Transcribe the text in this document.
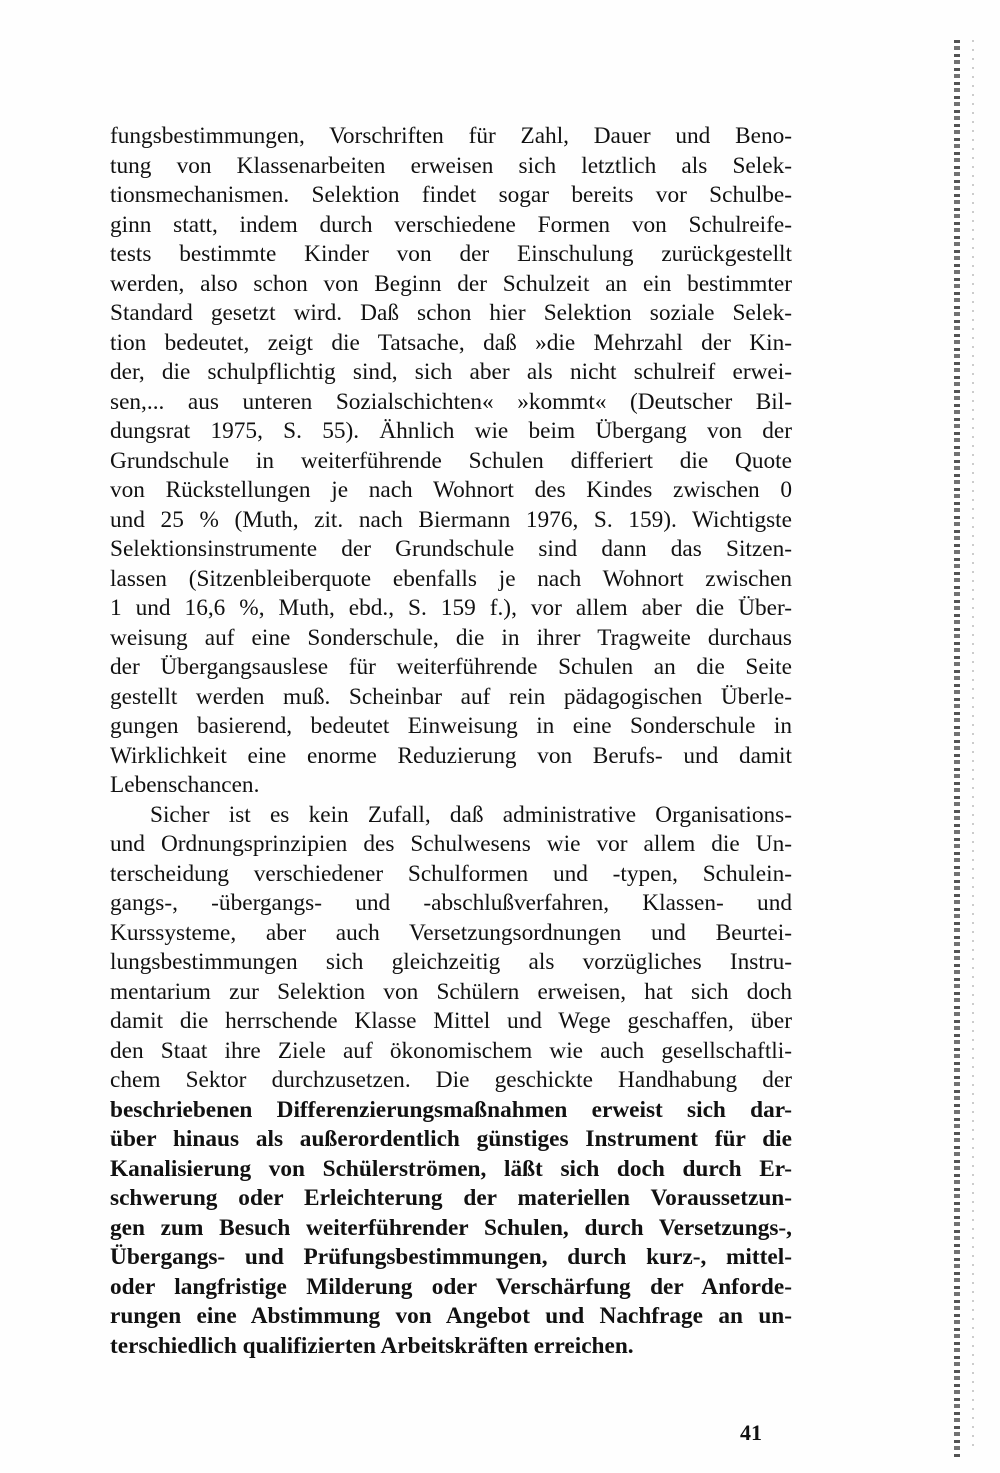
fungsbestimmungen, Vorschriften für Zahl, Dauer und Beno-
tung von Klassenarbeiten erweisen sich letztlich als Selek-
tionsmechanismen. Selektion findet sogar bereits vor Schulbe-
ginn statt, indem durch verschiedene Formen von Schulreife-
tests bestimmte Kinder von der Einschulung zurückgestellt
werden, also schon von Beginn der Schulzeit an ein bestimmter
Standard gesetzt wird. Daß schon hier Selektion soziale Selek-
tion bedeutet, zeigt die Tatsache, daß »die Mehrzahl der Kin-
der, die schulpflichtig sind, sich aber als nicht schulreif erwei-
sen,... aus unteren Sozialschichten« »kommt« (Deutscher Bil-
dungsrat 1975, S. 55). Ähnlich wie beim Übergang von der
Grundschule in weiterführende Schulen differiert die Quote
von Rückstellungen je nach Wohnort des Kindes zwischen 0
und 25 % (Muth, zit. nach Biermann 1976, S. 159). Wichtigste
Selektionsinstrumente der Grundschule sind dann das Sitzen-
lassen (Sitzenbleiberquote ebenfalls je nach Wohnort zwischen
1 und 16,6 %, Muth, ebd., S. 159 f.), vor allem aber die Über-
weisung auf eine Sonderschule, die in ihrer Tragweite durchaus
der Übergangsauslese für weiterführende Schulen an die Seite
gestellt werden muß. Scheinbar auf rein pädagogischen Überle-
gungen basierend, bedeutet Einweisung in eine Sonderschule in
Wirklichkeit eine enorme Reduzierung von Berufs- und damit
Lebenschancen.

Sicher ist es kein Zufall, daß administrative Organisations-
und Ordnungsprinzipien des Schulwesens wie vor allem die Un-
terscheidung verschiedener Schulformen und -typen, Schulein-
gangs-, -übergangs- und -abschlußverfahren, Klassen- und
Kurssysteme, aber auch Versetzungsordnungen und Beurtei-
lungsbestimmungen sich gleichzeitig als vorzügliches Instru-
mentarium zur Selektion von Schülern erweisen, hat sich doch
damit die herrschende Klasse Mittel und Wege geschaffen, über
den Staat ihre Ziele auf ökonomischem wie auch gesellschaftli-
chem Sektor durchzusetzen. Die geschickte Handhabung der
beschriebenen Differenzierungsmaßnahmen erweist sich dar-
über hinaus als außerordentlich günstiges Instrument für die
Kanalisierung von Schülerströmen, läßt sich doch durch Er-
schwerung oder Erleichterung der materiellen Voraussetzun-
gen zum Besuch weiterführender Schulen, durch Versetzungs-,
Übergangs- und Prüfungsbestimmungen, durch kurz-, mittel-
oder langfristige Milderung oder Verschärfung der Anforde-
rungen eine Abstimmung von Angebot und Nachfrage an un-
terschiedlich qualifizierten Arbeitskräften erreichen.

41
